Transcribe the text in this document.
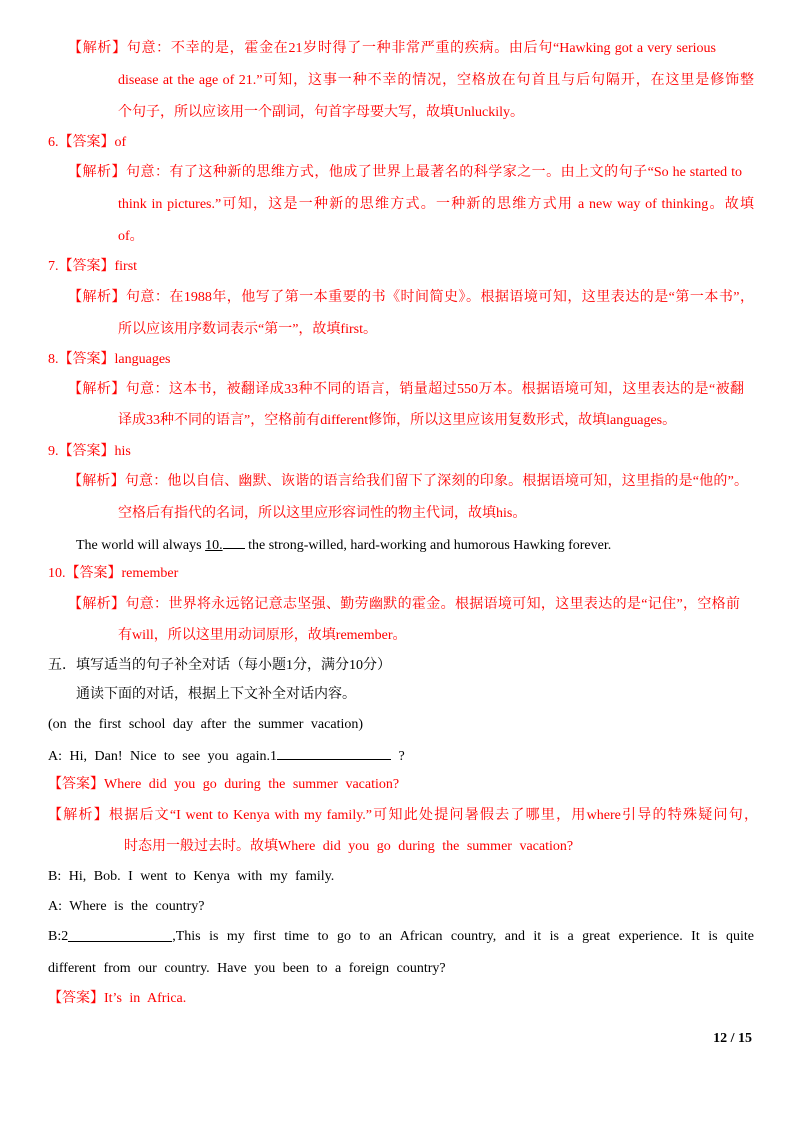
【解析】句意：不幸的是，霍金在21岁时得了一种非常严重的疾病。由后句“Hawking got a very serious
disease at the age of 21.”可知，这事一种不幸的情况，空格放在句首且与后句隔开，在这里是修饰整
个句子，所以应该用一个副词，句首字母要大写，故填Unluckily。
6.【答案】of
【解析】句意：有了这种新的思维方式，他成了世界上最著名的科学家之一。由上文的句子“So he started to
think in pictures.”可知，这是一种新的思维方式。一种新的思维方式用 a new way of thinking。故填
of。
7.【答案】first
【解析】句意：在1988年，他写了第一本重要的书《时间简史》。根据语境可知，这里表达的是“第一本书”，
所以应该用序数词表示“第一”，故填first。
8.【答案】languages
【解析】句意：这本书，被翻译成33种不同的语言，销量超过550万本。根据语境可知，这里表达的是“被翻
译成33种不同的语言”，空格前有different修饰，所以这里应该用复数形式，故填languages。
9.【答案】his
【解析】句意：他以自信、幽默、诙谐的语言给我们留下了深刻的印象。根据语境可知，这里指的是“他的”。
空格后有指代的名词，所以这里应形容词性的物主代词，故填his。
The world will always 10. the strong-willed, hard-working and humorous Hawking forever.
10.【答案】remember
【解析】句意：世界将永远铭记意志坚强、勤劳幽默的霍金。根据语境可知，这里表达的是“记住”，空格前
有will，所以这里用动词原形，故填remember。
五．填写适当的句子补全对话（每小题1分，满分10分）
通读下面的对话，根据上下文补全对话内容。
(on the first school day after the summer vacation)
A: Hi, Dan! Nice to see you again.1	?
【答案】Where did you go during the summer vacation?
【解析】根据后文“I went to Kenya with my family.”可知此处提问暑假去了哪里，用where引导的特殊疑问句，
时态用一般过去时。故填Where did you go during the summer vacation?
B: Hi, Bob. I went to Kenya with my family.
A: Where is the country?
B:2	,This is my first time to go to an African country, and it is a great experience. It is quite
different from our country. Have you been to a foreign country?
【答案】It’s in Africa.
12 / 15
